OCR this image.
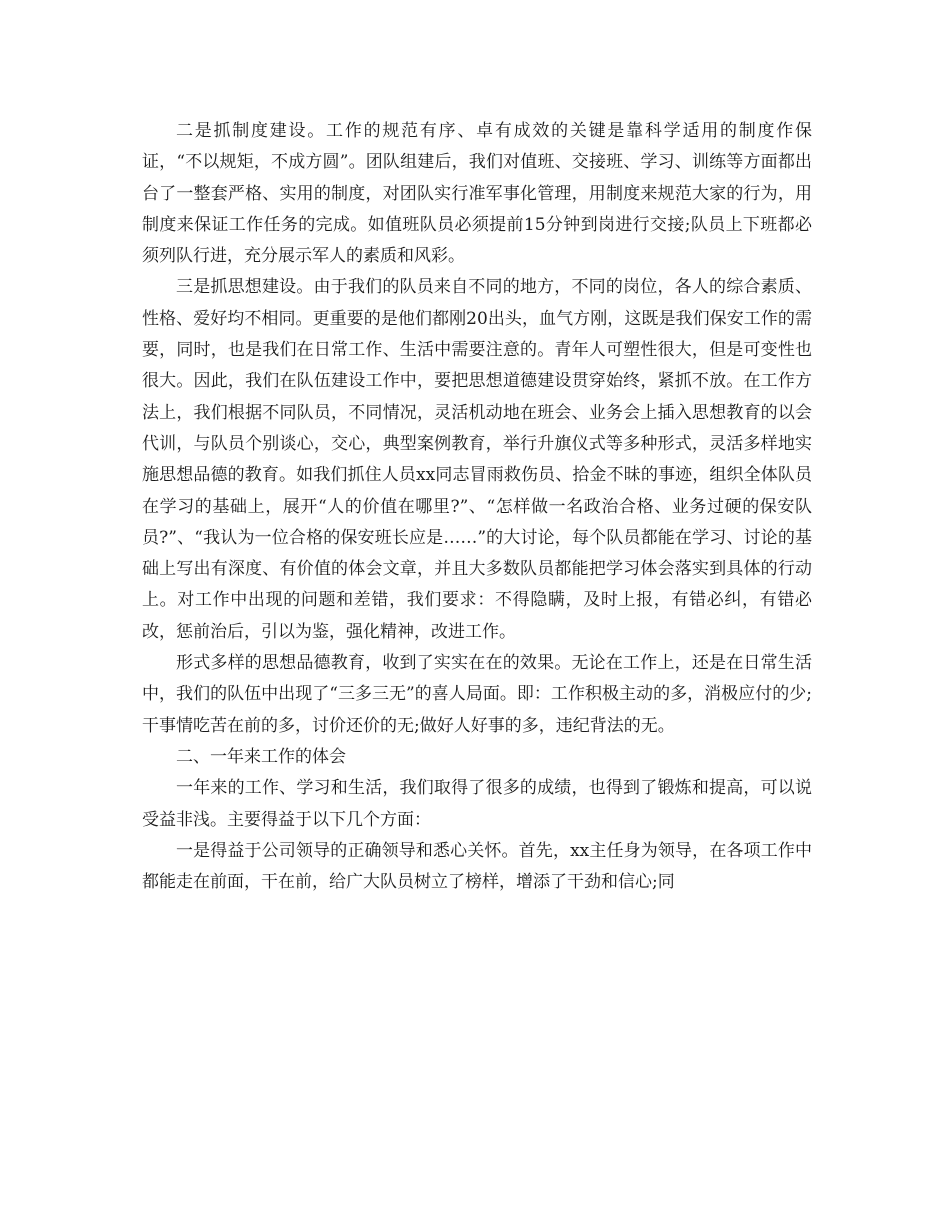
二是抓制度建设。工作的规范有序、卓有成效的关键是靠科学适用的制度作保证，“不以规矩，不成方圆”。团队组建后，我们对值班、交接班、学习、训练等方面都出台了一整套严格、实用的制度，对团队实行准军事化管理，用制度来规范大家的行为，用制度来保证工作任务的完成。如值班队员必须提前15分钟到岗进行交接;队员上下班都必须列队行进，充分展示军人的素质和风彩。

三是抓思想建设。由于我们的队员来自不同的地方，不同的岗位，各人的综合素质、性格、爱好均不相同。更重要的是他们都刚20出头，血气方刚，这既是我们保安工作的需要，同时，也是我们在日常工作、生活中需要注意的。青年人可塑性很大，但是可变性也很大。因此，我们在队伍建设工作中，要把思想道德建设贯穿始终，紧抓不放。在工作方法上，我们根据不同队员，不同情况，灵活机动地在班会、业务会上插入思想教育的以会代训，与队员个别谈心，交心，典型案例教育，举行升旗仪式等多种形式，灵活多样地实施思想品德的教育。如我们抓住人员xx同志冒雨救伤员、拾金不昧的事迹，组织全体队员在学习的基础上，展开“人的价值在哪里?”、“怎样做一名政治合格、业务过硬的保安队员?”、“我认为一位合格的保安班长应是……”的大讨论，每个队员都能在学习、讨论的基础上写出有深度、有价值的体会文章，并且大多数队员都能把学习体会落实到具体的行动上。对工作中出现的问题和差错，我们要求：不得隐瞒，及时上报，有错必纠，有错必改，惩前治后，引以为鉴，强化精神，改进工作。

形式多样的思想品德教育，收到了实实在在的效果。无论在工作上，还是在日常生活中，我们的队伍中出现了“三多三无”的喜人局面。即：工作积极主动的多，消极应付的少;干事情吃苦在前的多，讨价还价的无;做好人好事的多，违纪背法的无。

二、一年来工作的体会

一年来的工作、学习和生活，我们取得了很多的成绩，也得到了锻炼和提高，可以说受益非浅。主要得益于以下几个方面：

一是得益于公司领导的正确领导和悉心关怀。首先，xx主任身为领导，在各项工作中都能走在前面，干在前，给广大队员树立了榜样，增添了干劲和信心;同
